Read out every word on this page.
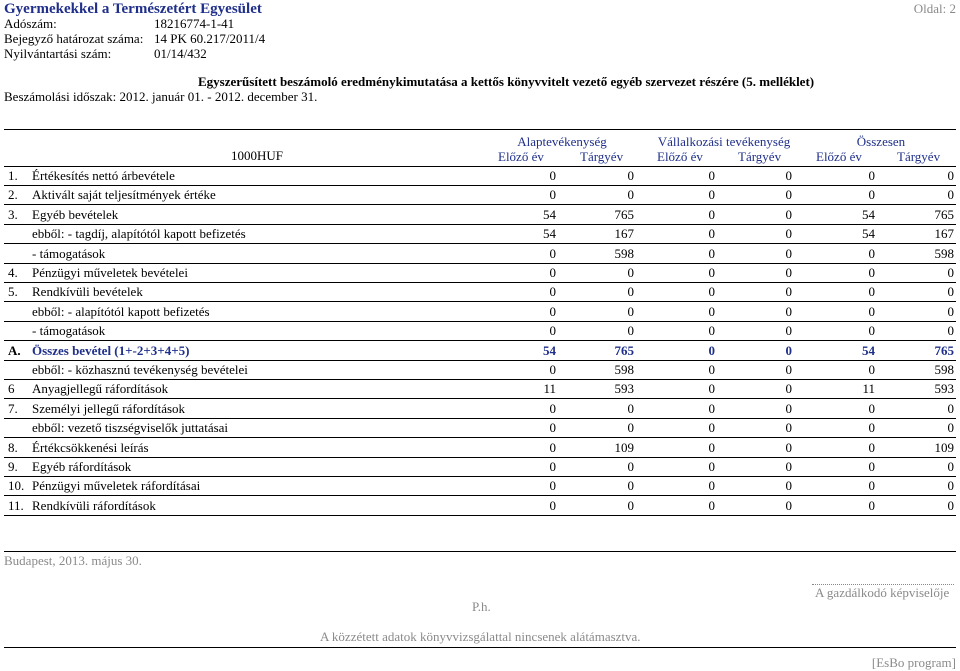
Gyermekekkel a Természetért Egyesület	Oldal: 2
Adószám:	18216774-1-41
Bejegyző határozat száma: 14 PK 60.217/2011/4
Nyilvántartási szám:	01/14/432
Egyszerűsített beszámoló eredménykimutatása a kettős könyvvitelt vezető egyéb szervezet részére (5. melléklet)
Beszámolási időszak: 2012. január 01. - 2012. december 31.
Alaptevékenység	Vállalkozási tevékenység	Összesen
1000HUF	Előző év	Tárgyév	Előző év	Tárgyév	Előző év	Tárgyév
1. Értékesítés nettó árbevétele	0	0	0	0	0	0
2. Aktivált saját teljesítmények értéke	0	0	0	0	0	0
3. Egyéb bevételek	54	765	0	0	54	765
ebből: - tagdíj, alapítótól kapott befizetés	54	167	0	0	54	167
- támogatások	0	598	0	0	0	598
4. Pénzügyi műveletek bevételei	0	0	0	0	0	0
5. Rendkívüli bevételek	0	0	0	0	0	0
ebből: - alapítótól kapott befizetés	0	0	0	0	0	0
- támogatások	0	0	0	0	0	0
A. Összes bevétel (1+-2+3+4+5)	54	765	0	0	54	765
ebből: - közhasznú tevékenység bevételei	0	598	0	0	0	598
6 Anyagjellegű ráfordítások	11	593	0	0	11	593
7. Személyi jellegű ráfordítások	0	0	0	0	0	0
ebből: vezető tiszségviselők juttatásai	0	0	0	0	0	0
8. Értékcsökkenési leírás	0	109	0	0	0	109
9. Egyéb ráfordítások	0	0	0	0	0	0
10. Pénzügyi műveletek ráfordításai	0	0	0	0	0	0
11. Rendkívüli ráfordítások	0	0	0	0	0	0
Budapest, 2013. május 30.
P.h.
A gazdálkodó képviselője
A közzétett adatok könyvvizsgálattal nincsenek alátámasztva.
[EsBo program]
